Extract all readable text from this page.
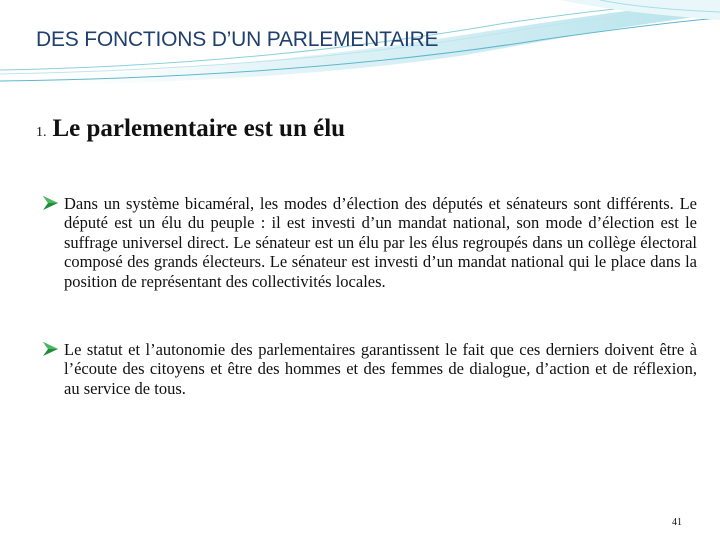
DES FONCTIONS D’UN PARLEMENTAIRE
1. Le parlementaire est un élu

Dans un système bicaméral, les modes d’élection des députés et sénateurs sont différents. Le député est un élu du peuple : il est investi d’un mandat national, son mode d’élection est le suffrage universel direct. Le sénateur est un élu par les élus regroupés dans un collège électoral composé des grands électeurs. Le sénateur est investi d’un mandat national qui le place dans la position de représentant des collectivités locales.

Le statut et l’autonomie des parlementaires garantissent le fait que ces derniers doivent être à l’écoute des citoyens et être des hommes et des femmes de dialogue, d’action et de réflexion, au service de tous.

41
